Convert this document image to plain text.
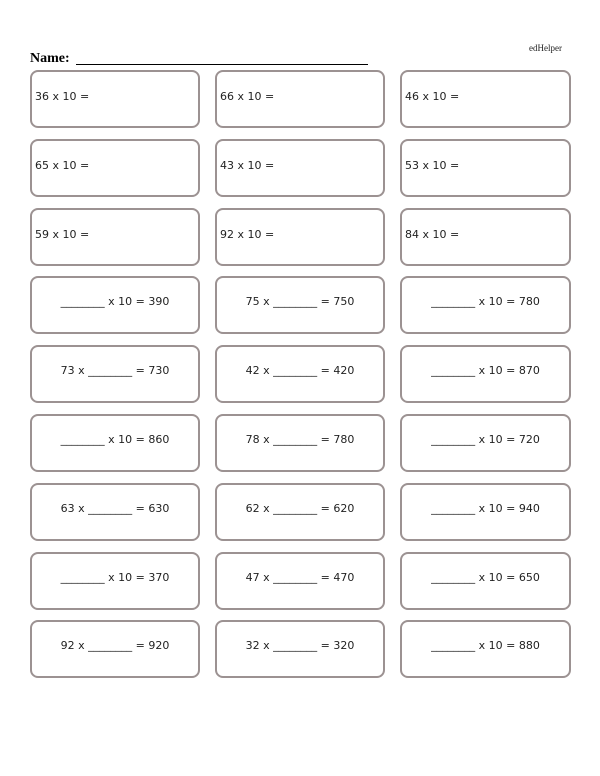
edHelper
Name:
36 x 10 =	66 x 10 =	46 x 10 =
65 x 10 =	43 x 10 =	53 x 10 =
59 x 10 =	92 x 10 =	84 x 10 =
________ x 10 = 390	75 x ________ = 750	________ x 10 = 780
73 x ________ = 730	42 x ________ = 420	________ x 10 = 870
________ x 10 = 860	78 x ________ = 780	________ x 10 = 720
63 x ________ = 630	62 x ________ = 620	________ x 10 = 940
________ x 10 = 370	47 x ________ = 470	________ x 10 = 650
92 x ________ = 920	32 x ________ = 320	________ x 10 = 880
